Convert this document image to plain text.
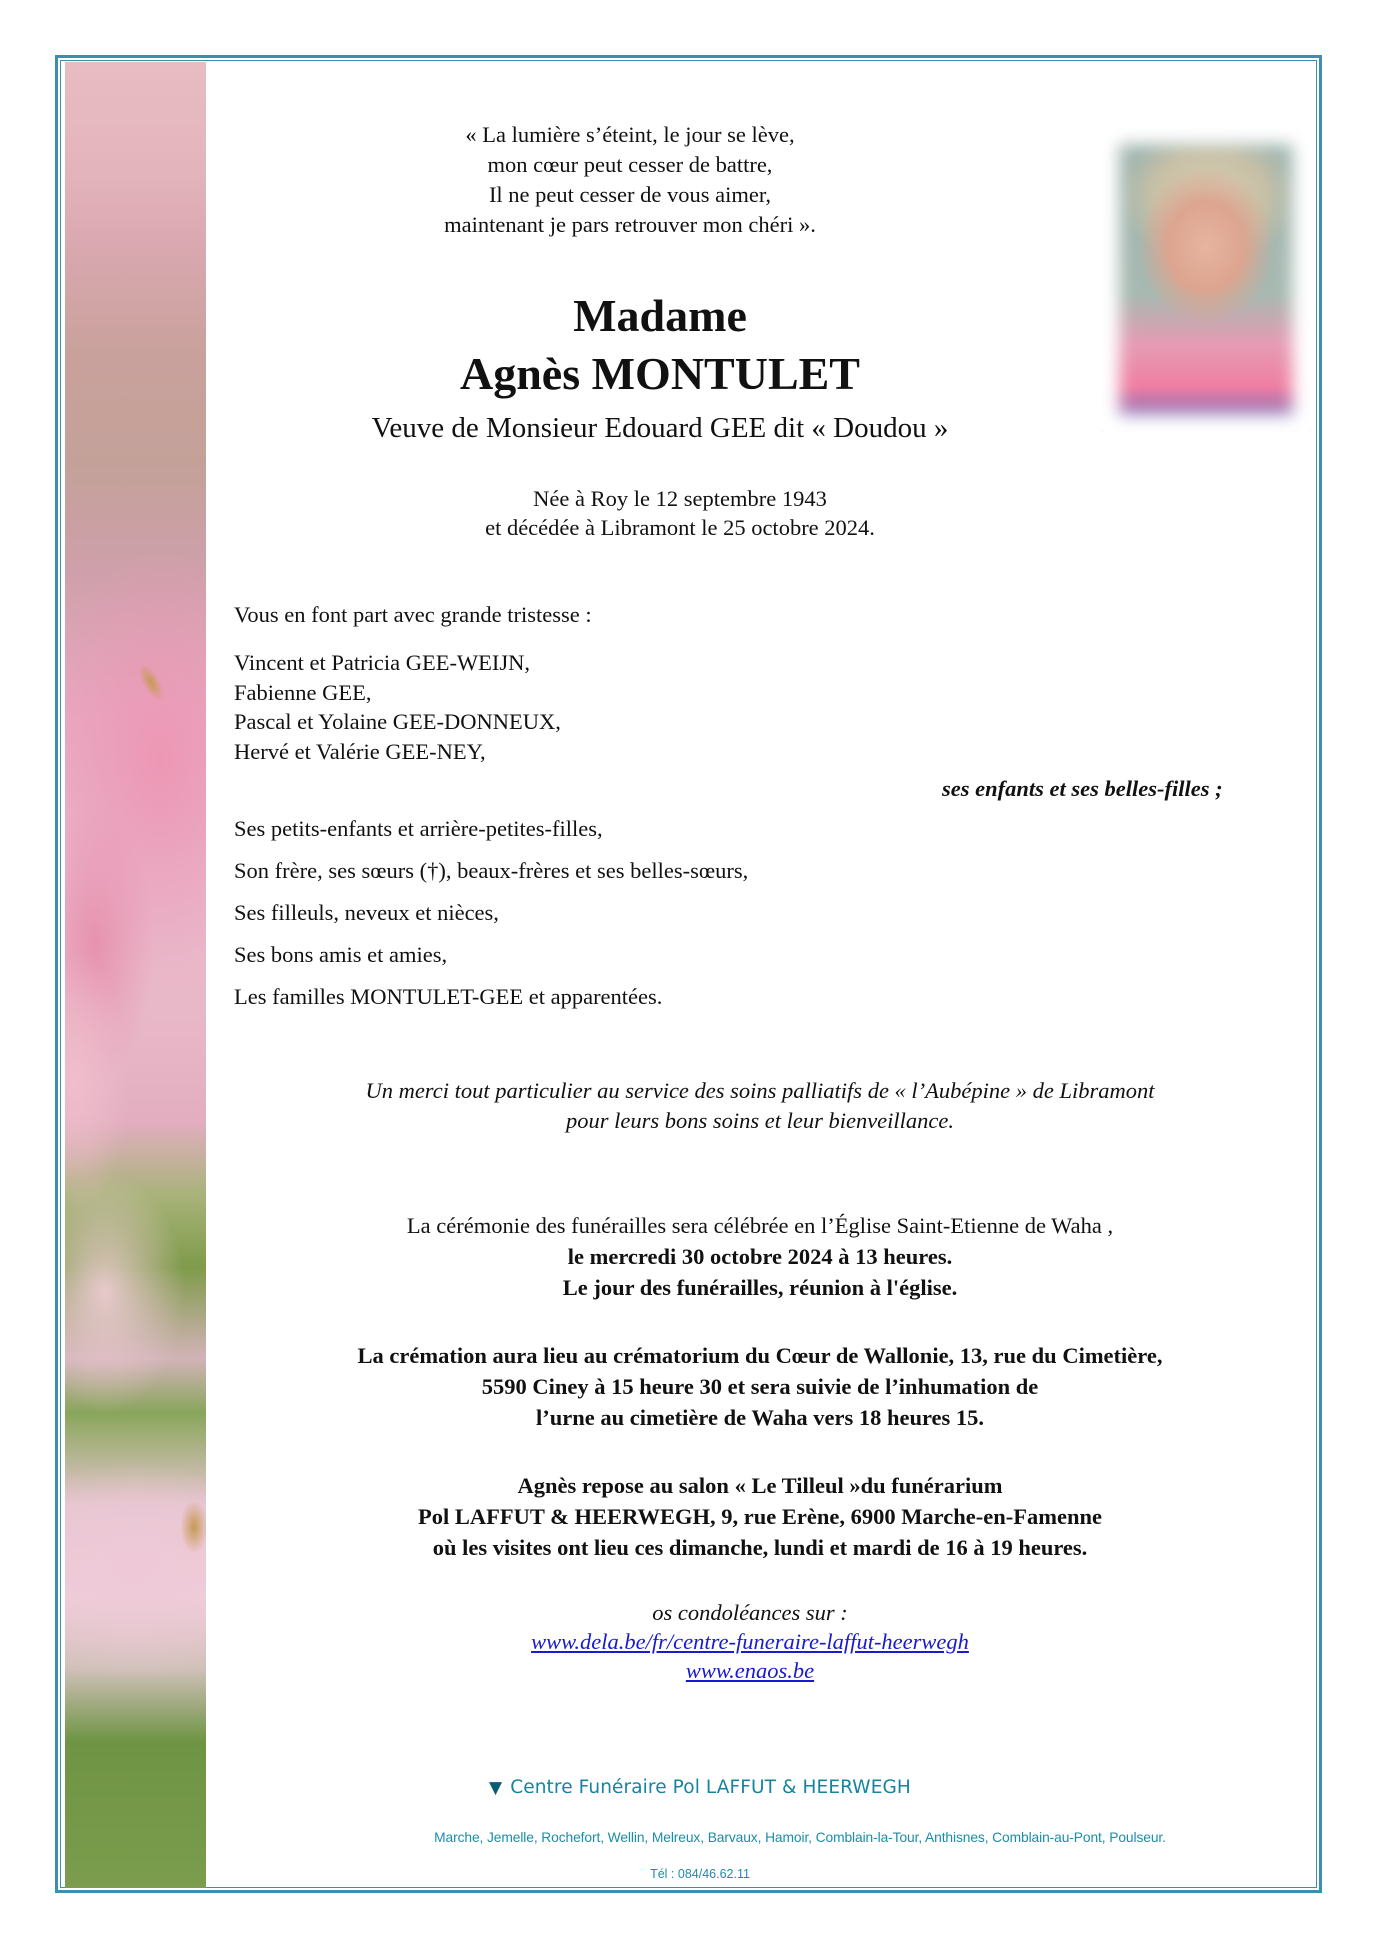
« La lumière s’éteint, le jour se lève,
mon cœur peut cesser de battre,
Il ne peut cesser de vous aimer,
maintenant je pars retrouver mon chéri ».
Madame
Agnès MONTULET
Veuve de Monsieur Edouard GEE dit « Doudou »
Née à Roy le 12 septembre 1943
et décédée à Libramont le 25 octobre 2024.
Vous en font part avec grande tristesse :
Vincent et Patricia GEE-WEIJN,
Fabienne GEE,
Pascal et Yolaine GEE-DONNEUX,
Hervé et Valérie GEE-NEY,
ses enfants et ses belles-filles ;
Ses petits-enfants et arrière-petites-filles,
Son frère, ses sœurs (†), beaux-frères et ses belles-sœurs,
Ses filleuls, neveux et nièces,
Ses bons amis et amies,
Les familles MONTULET-GEE et apparentées.
Un merci tout particulier au service des soins palliatifs de « l’Aubépine » de Libramont
pour leurs bons soins et leur bienveillance.
La cérémonie des funérailles sera célébrée en l’Église Saint-Etienne de Waha ,
le mercredi 30 octobre 2024 à 13 heures.
Le jour des funérailles, réunion à l'église.
La crémation aura lieu au crématorium du Cœur de Wallonie, 13, rue du Cimetière,
5590 Ciney à 15 heure 30 et sera suivie de l’inhumation de
l’urne au cimetière de Waha vers 18 heures 15.
Agnès repose au salon « Le Tilleul »du funérarium
Pol LAFFUT & HEERWEGH, 9, rue Erène, 6900 Marche-en-Famenne
où les visites ont lieu ces dimanche, lundi et mardi de 16 à 19 heures.
os condoléances sur :
www.dela.be/fr/centre-funeraire-laffut-heerwegh
www.enaos.be
▼ Centre Funéraire Pol LAFFUT & HEERWEGH
Marche, Jemelle, Rochefort, Wellin, Melreux, Barvaux, Hamoir, Comblain-la-Tour, Anthisnes, Comblain-au-Pont, Poulseur.
Tél : 084/46.62.11
